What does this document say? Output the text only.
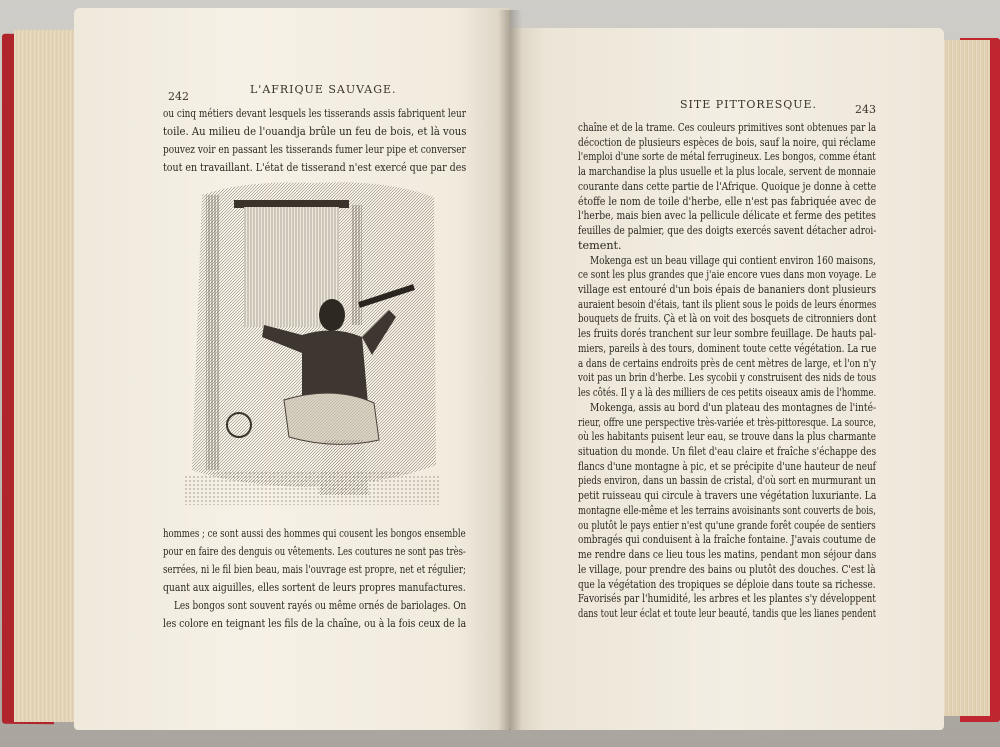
242
L'AFRIQUE SAUVAGE.
ou cinq métiers devant lesquels les tisserands assis fabriquent leur
toile. Au milieu de l'ouandja brûle un feu de bois, et là vous
pouvez voir en passant les tisserands fumer leur pipe et converser
tout en travaillant. L'état de tisserand n'est exercé que par des
hommes ; ce sont aussi des hommes qui cousent les bongos ensemble
pour en faire des denguis ou vêtements. Les coutures ne sont pas très-
serrées, ni le fil bien beau, mais l'ouvrage est propre, net et régulier;
quant aux aiguilles, elles sortent de leurs propres manufactures.
Les bongos sont souvent rayés ou même ornés de bariolages. On
les colore en teignant les fils de la chaîne, ou à la fois ceux de la
SITE PITTORESQUE.	243
chaîne et de la trame. Ces couleurs primitives sont obtenues par la
décoction de plusieurs espèces de bois, sauf la noire, qui réclame
l'emploi d'une sorte de métal ferrugineux. Les bongos, comme étant
la marchandise la plus usuelle et la plus locale, servent de monnaie
courante dans cette partie de l'Afrique. Quoique je donne à cette
étoffe le nom de toile d'herbe, elle n'est pas fabriquée avec de
l'herbe, mais bien avec la pellicule délicate et ferme des petites
feuilles de palmier, que des doigts exercés savent détacher adroi-
tement.
Mokenga est un beau village qui contient environ 160 maisons,
ce sont les plus grandes que j'aie encore vues dans mon voyage. Le
village est entouré d'un bois épais de bananiers dont plusieurs
auraient besoin d'étais, tant ils plient sous le poids de leurs énormes
bouquets de fruits. Çà et là on voit des bosquets de citronniers dont
les fruits dorés tranchent sur leur sombre feuillage. De hauts pal-
miers, pareils à des tours, dominent toute cette végétation. La rue
a dans de certains endroits près de cent mètres de large, et l'on n'y
voit pas un brin d'herbe. Les sycobii y construisent des nids de tous
les côtés. Il y a là des milliers de ces petits oiseaux amis de l'homme.
Mokenga, assis au bord d'un plateau des montagnes de l'inté-
rieur, offre une perspective très-variée et très-pittoresque. La source,
où les habitants puisent leur eau, se trouve dans la plus charmante
situation du monde. Un filet d'eau claire et fraîche s'échappe des
flancs d'une montagne à pic, et se précipite d'une hauteur de neuf
pieds environ, dans un bassin de cristal, d'où sort en murmurant un
petit ruisseau qui circule à travers une végétation luxuriante. La
montagne elle-même et les terrains avoisinants sont couverts de bois,
ou plutôt le pays entier n'est qu'une grande forêt coupée de sentiers
ombragés qui conduisent à la fraîche fontaine. J'avais coutume de
me rendre dans ce lieu tous les matins, pendant mon séjour dans
le village, pour prendre des bains ou plutôt des douches. C'est là
que la végétation des tropiques se déploie dans toute sa richesse.
Favorisés par l'humidité, les arbres et les plantes s'y développent
dans tout leur éclat et toute leur beauté, tandis que les lianes pendent
